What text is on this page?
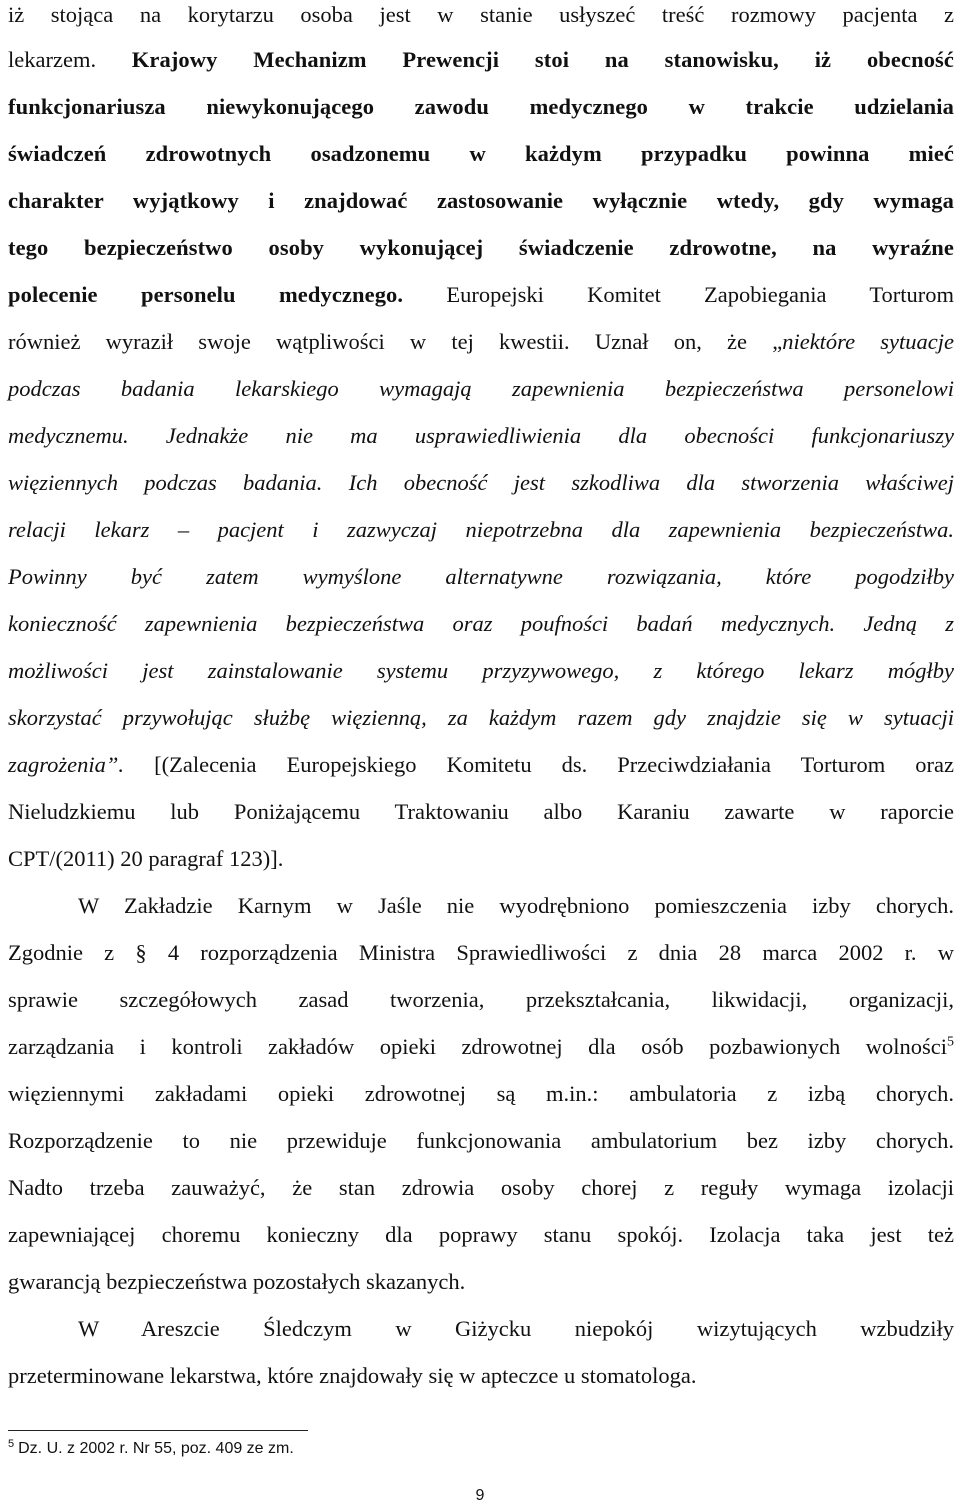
iż stojąca na korytarzu osoba jest w stanie usłyszeć treść rozmowy pacjenta z
lekarzem. Krajowy Mechanizm Prewencji stoi na stanowisku, iż obecność
funkcjonariusza niewykonującego zawodu medycznego w trakcie udzielania
świadczeń zdrowotnych osadzonemu w każdym przypadku powinna mieć
charakter wyjątkowy i znajdować zastosowanie wyłącznie wtedy, gdy wymaga
tego bezpieczeństwo osoby wykonującej świadczenie zdrowotne, na wyraźne
polecenie personelu medycznego. Europejski Komitet Zapobiegania Torturom
również wyraził swoje wątpliwości w tej kwestii. Uznał on, że „niektóre sytuacje
podczas badania lekarskiego wymagają zapewnienia bezpieczeństwa personelowi
medycznemu. Jednakże nie ma usprawiedliwienia dla obecności funkcjonariuszy
więziennych podczas badania. Ich obecność jest szkodliwa dla stworzenia właściwej
relacji lekarz – pacjent i zazwyczaj niepotrzebna dla zapewnienia bezpieczeństwa.
Powinny być zatem wymyślone alternatywne rozwiązania, które pogodziłby
konieczność zapewnienia bezpieczeństwa oraz poufności badań medycznych. Jedną z
możliwości jest zainstalowanie systemu przyzywowego, z którego lekarz mógłby
skorzystać przywołując służbę więzienną, za każdym razem gdy znajdzie się w sytuacji
zagrożenia”. [(Zalecenia Europejskiego Komitetu ds. Przeciwdziałania Torturom oraz
Nieludzkiemu lub Poniżającemu Traktowaniu albo Karaniu zawarte w raporcie
CPT/(2011) 20 paragraf 123)].
W Zakładzie Karnym w Jaśle nie wyodrębniono pomieszczenia izby chorych.
Zgodnie z § 4 rozporządzenia Ministra Sprawiedliwości z dnia 28 marca 2002 r. w
sprawie szczegółowych zasad tworzenia, przekształcania, likwidacji, organizacji,
zarządzania i kontroli zakładów opieki zdrowotnej dla osób pozbawionych wolności$^5$
więziennymi zakładami opieki zdrowotnej są m.in.: ambulatoria z izbą chorych.
Rozporządzenie to nie przewiduje funkcjonowania ambulatorium bez izby chorych.
Nadto trzeba zauważyć, że stan zdrowia osoby chorej z reguły wymaga izolacji
zapewniającej choremu konieczny dla poprawy stanu spokój. Izolacja taka jest też
gwarancją bezpieczeństwa pozostałych skazanych.
W Areszcie Śledczym w Giżycku niepokój wizytujących wzbudziły
przeterminowane lekarstwa, które znajdowały się w apteczce u stomatologa.
$^5$ Dz. U. z 2002 r. Nr 55, poz. 409 ze zm.
9
